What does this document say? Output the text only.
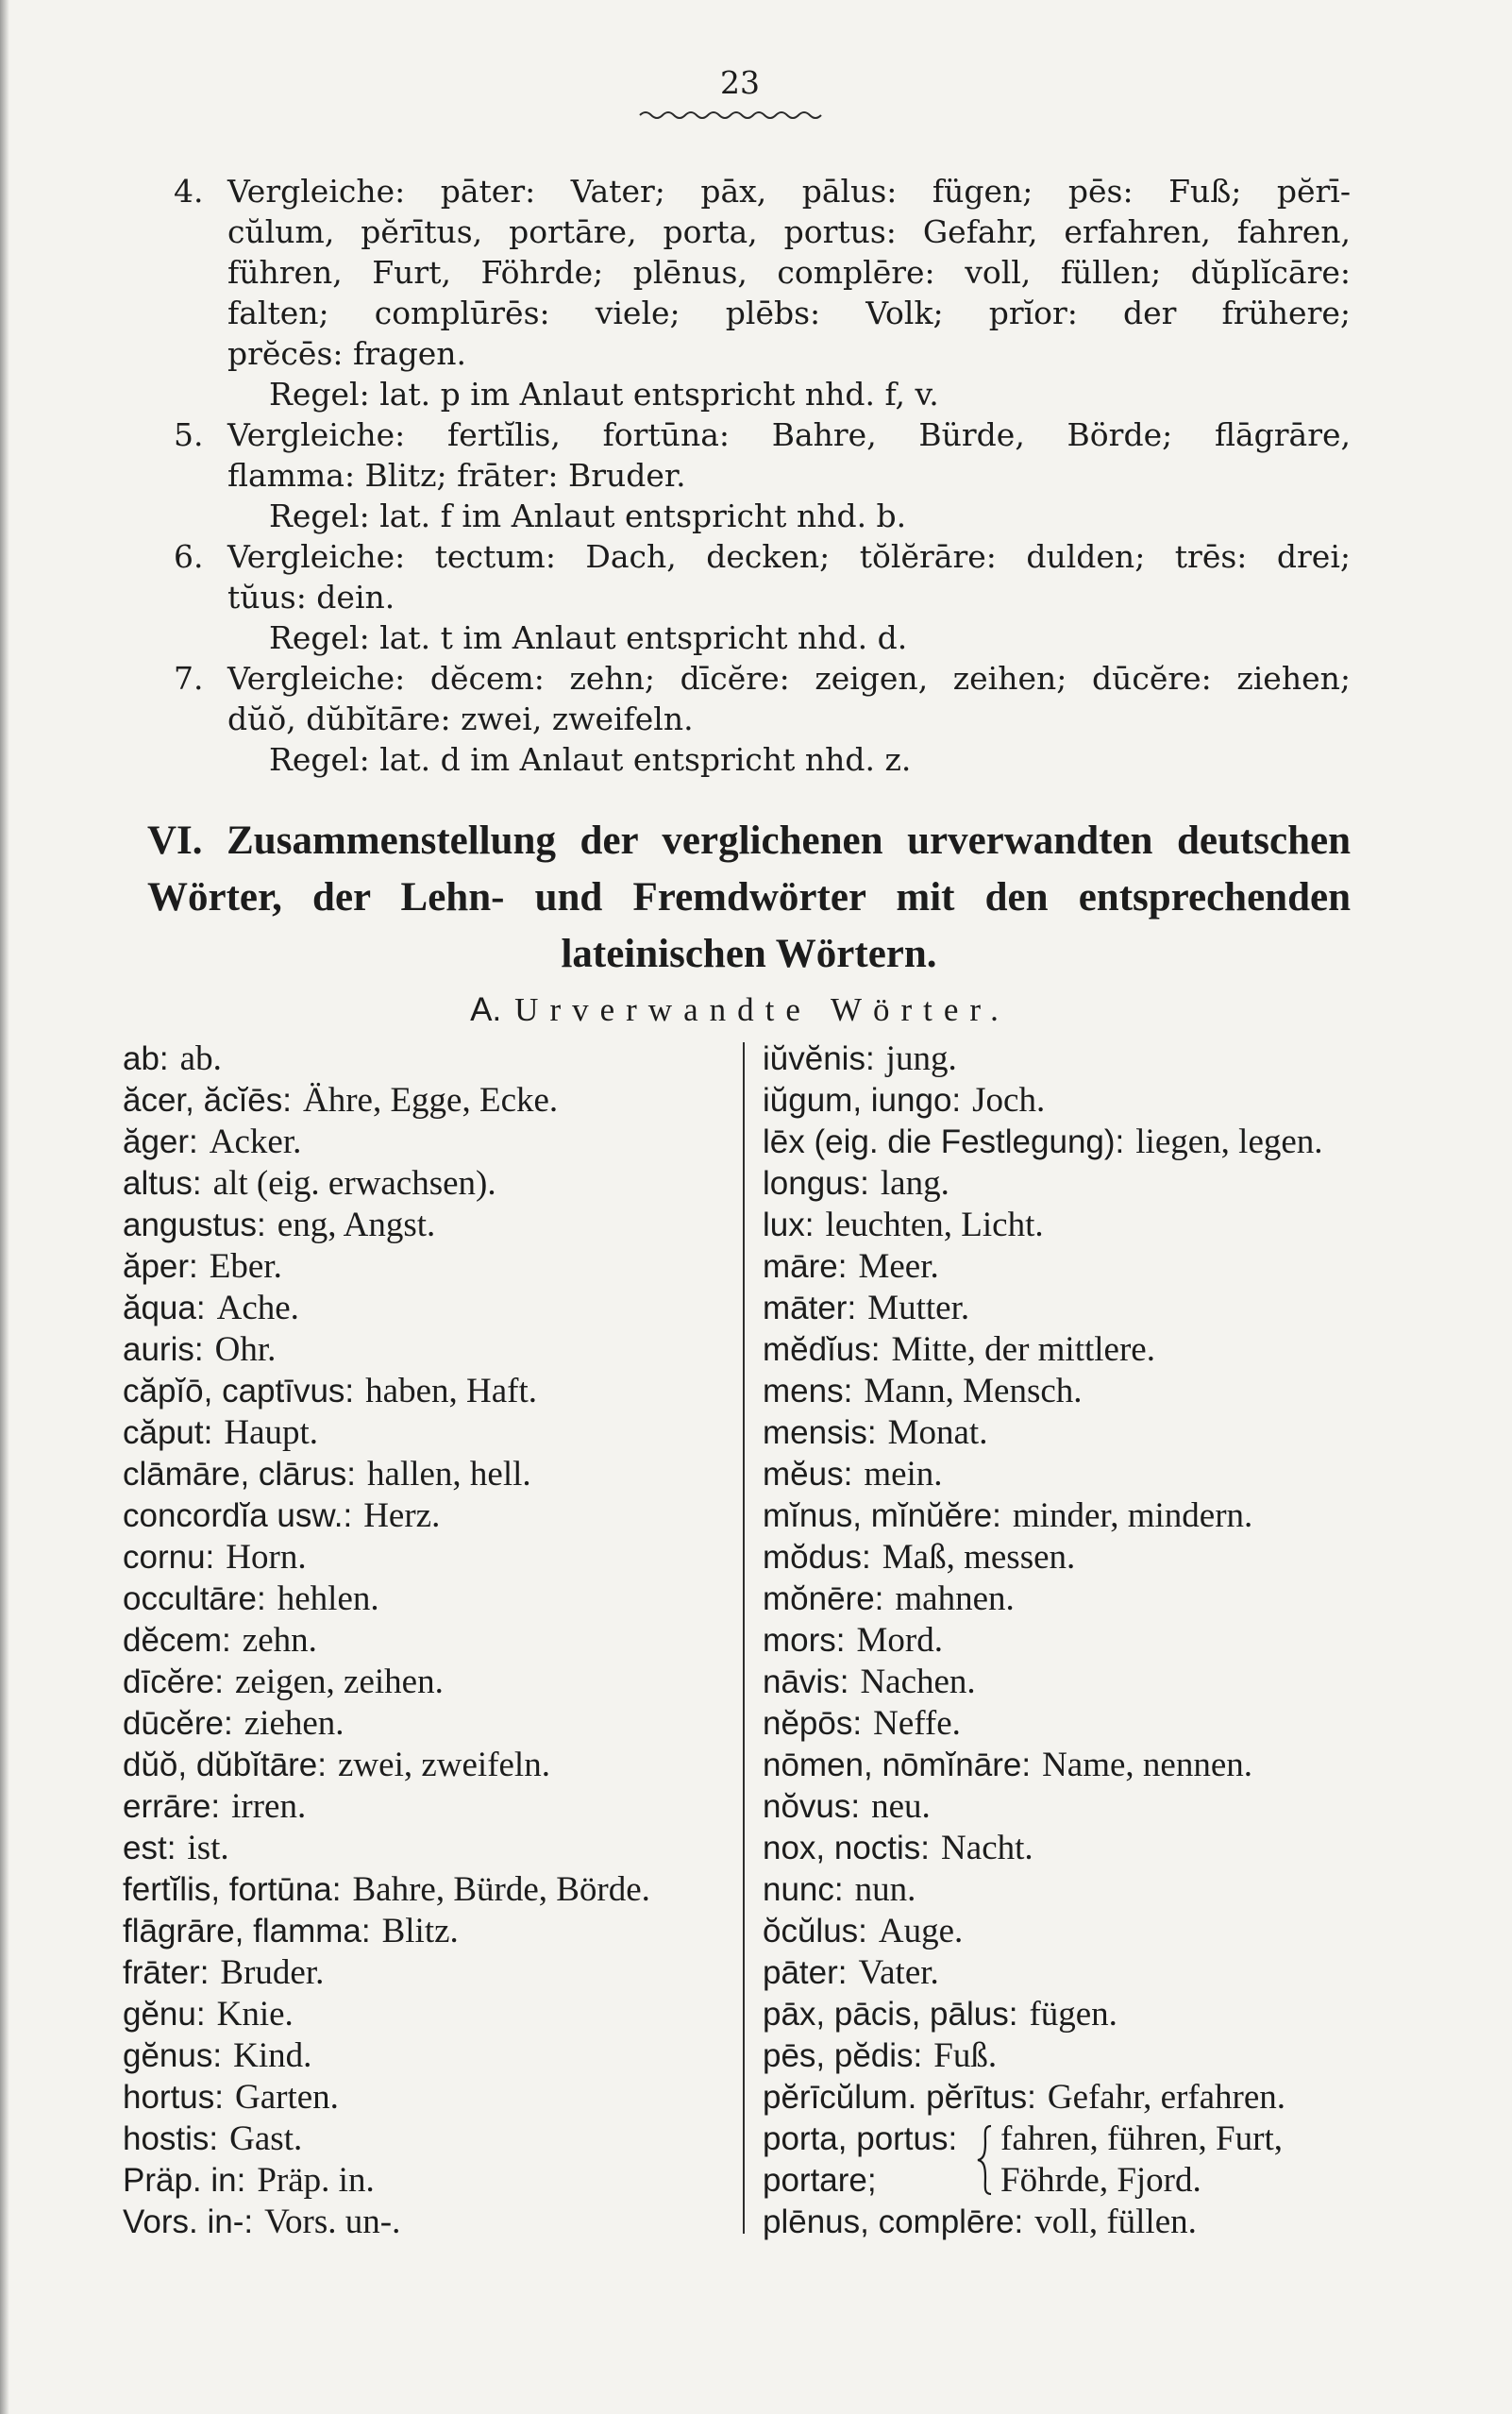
23
4. Vergleiche: pāter: Vater; pāx, pālus: fügen; pēs: Fuß; pĕrī-
cŭlum, pĕrītus, portāre, porta, portus: Gefahr, erfahren, fahren,
führen, Furt, Föhrde; plēnus, complēre: voll, füllen; dŭplĭcāre:
falten; complūrēs: viele; plēbs: Volk; prĭor: der frühere;
prĕcēs: fragen.
Regel: lat. p im Anlaut entspricht nhd. f, v.
5. Vergleiche: fertĭlis, fortūna: Bahre, Bürde, Börde; flāgrāre,
flamma: Blitz; frāter: Bruder.
Regel: lat. f im Anlaut entspricht nhd. b.
6. Vergleiche: tectum: Dach, decken; tŏlĕrāre: dulden; trēs: drei;
tŭus: dein.
Regel: lat. t im Anlaut entspricht nhd. d.
7. Vergleiche: dĕcem: zehn; dīcĕre: zeigen, zeihen; dūcĕre: ziehen;
dŭŏ, dŭbĭtāre: zwei, zweifeln.
Regel: lat. d im Anlaut entspricht nhd. z.
VI. Zusammenstellung der verglichenen urverwandten deutschen
Wörter, der Lehn- und Fremdwörter mit den entsprechenden
lateinischen Wörtern.
A. Urverwandte Wörter.
ab: ab.
ăcer, ăcĭēs: Ähre, Egge, Ecke.
ăger: Acker.
altus: alt (eig. erwachsen).
angustus: eng, Angst.
ăper: Eber.
ăqua: Ache.
auris: Ohr.
căpĭō, captīvus: haben, Haft.
căput: Haupt.
clāmāre, clārus: hallen, hell.
concordĭa usw.: Herz.
cornu: Horn.
occultāre: hehlen.
dĕcem: zehn.
dīcĕre: zeigen, zeihen.
dūcĕre: ziehen.
dŭŏ, dŭbĭtāre: zwei, zweifeln.
errāre: irren.
est: ist.
fertĭlis, fortūna: Bahre, Bürde, Börde.
flāgrāre, flamma: Blitz.
frāter: Bruder.
gĕnu: Knie.
gĕnus: Kind.
hortus: Garten.
hostis: Gast.
Präp. in: Präp. in.
Vors. in-: Vors. un-.
iŭvĕnis: jung.
iŭgum, iungo: Joch.
lēx (eig. die Festlegung): liegen, legen.
longus: lang.
lux: leuchten, Licht.
māre: Meer.
māter: Mutter.
mĕdĭus: Mitte, der mittlere.
mens: Mann, Mensch.
mensis: Monat.
mĕus: mein.
mĭnus, mĭnŭĕre: minder, mindern.
mŏdus: Maß, messen.
mŏnēre: mahnen.
mors: Mord.
nāvis: Nachen.
nĕpōs: Neffe.
nōmen, nōmĭnāre: Name, nennen.
nŏvus: neu.
nox, noctis: Nacht.
nunc: nun.
ŏcŭlus: Auge.
pāter: Vater.
pāx, pācis, pālus: fügen.
pēs, pĕdis: Fuß.
pĕrīcŭlum. pĕrītus: Gefahr, erfahren.
porta, portus:
portare;
fahren, führen, Furt,
Föhrde, Fjord.
plēnus, complēre: voll, füllen.
